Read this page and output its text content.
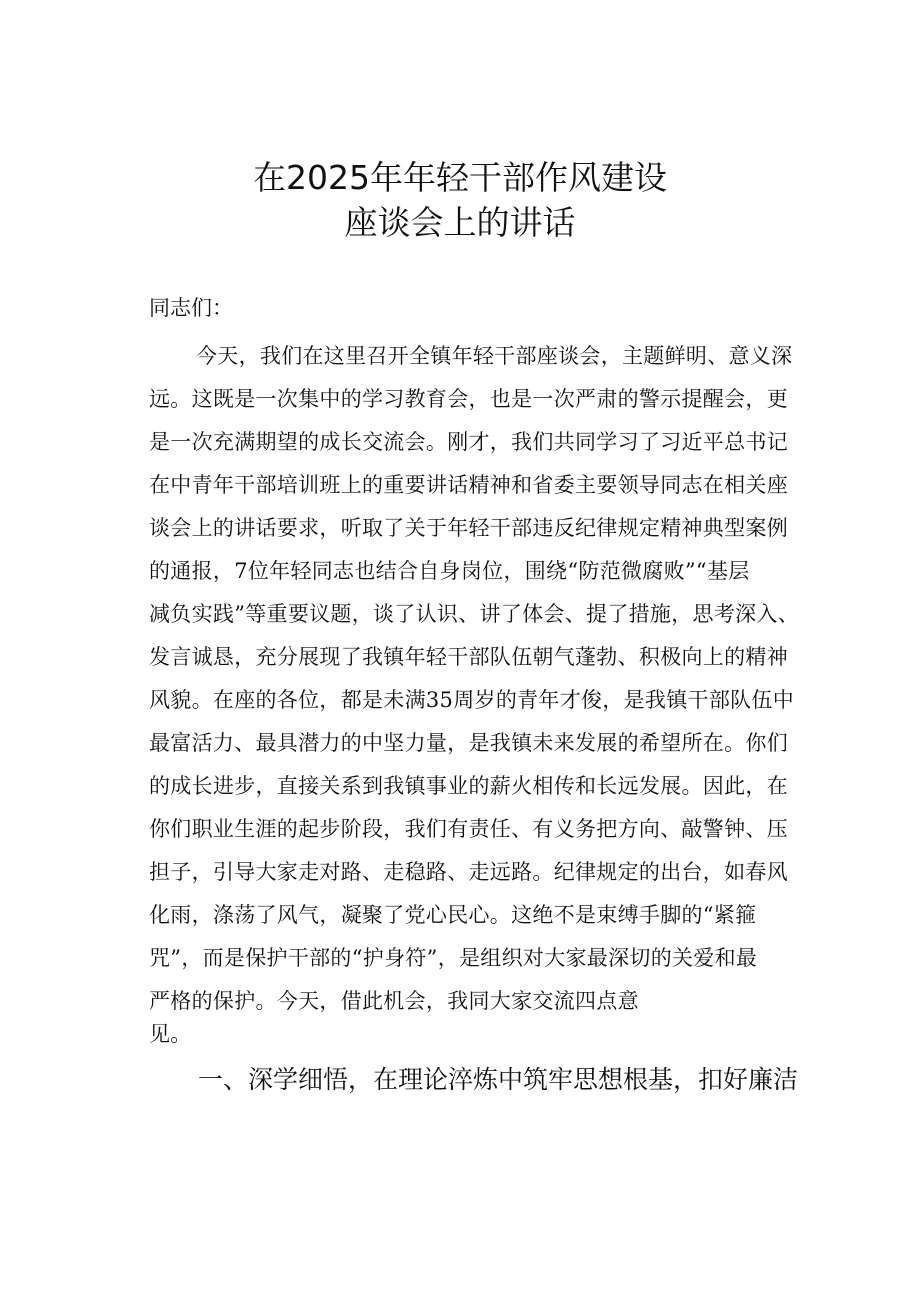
在2025年年轻干部作风建设
座谈会上的讲话
同志们：
今天，我们在这里召开全镇年轻干部座谈会，主题鲜明、意义深
远。这既是一次集中的学习教育会，也是一次严肃的警示提醒会，更
是一次充满期望的成长交流会。刚才，我们共同学习了习近平总书记
在中青年干部培训班上的重要讲话精神和省委主要领导同志在相关座
谈会上的讲话要求，听取了关于年轻干部违反纪律规定精神典型案例
的通报，7位年轻同志也结合自身岗位，围绕“防范微腐败”“基层
减负实践”等重要议题，谈了认识、讲了体会、提了措施，思考深入、
发言诚恳，充分展现了我镇年轻干部队伍朝气蓬勃、积极向上的精神
风貌。在座的各位，都是未满35周岁的青年才俊，是我镇干部队伍中
最富活力、最具潜力的中坚力量，是我镇未来发展的希望所在。你们
的成长进步，直接关系到我镇事业的薪火相传和长远发展。因此，在
你们职业生涯的起步阶段，我们有责任、有义务把方向、敲警钟、压
担子，引导大家走对路、走稳路、走远路。纪律规定的出台，如春风
化雨，涤荡了风气，凝聚了党心民心。这绝不是束缚手脚的“紧箍
咒”，而是保护干部的“护身符”，是组织对大家最深切的关爱和最
严格的保护。今天，借此机会，我同大家交流四点意
见。
一、深学细悟，在理论淬炼中筑牢思想根基，扣好廉洁
